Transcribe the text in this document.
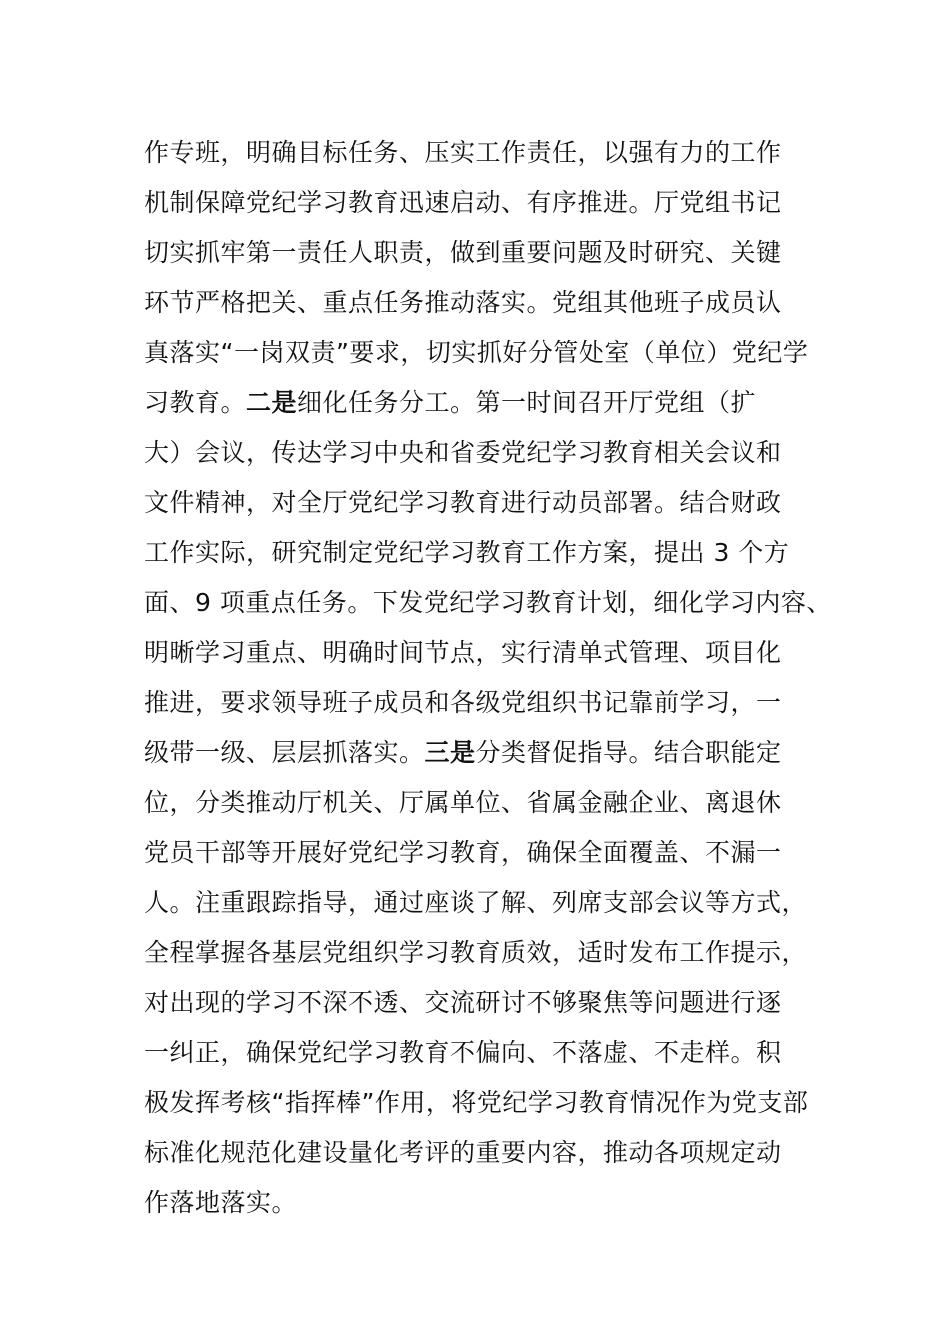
作专班，明确目标任务、压实工作责任，以强有力的工作
机制保障党纪学习教育迅速启动、有序推进。厅党组书记
切实抓牢第一责任人职责，做到重要问题及时研究、关键
环节严格把关、重点任务推动落实。党组其他班子成员认
真落实“一岗双责”要求，切实抓好分管处室（单位）党纪学
习教育。二是细化任务分工。第一时间召开厅党组（扩
大）会议，传达学习中央和省委党纪学习教育相关会议和
文件精神，对全厅党纪学习教育进行动员部署。结合财政
工作实际，研究制定党纪学习教育工作方案，提出 3 个方
面、9 项重点任务。下发党纪学习教育计划，细化学习内容、
明晰学习重点、明确时间节点，实行清单式管理、项目化
推进，要求领导班子成员和各级党组织书记靠前学习，一
级带一级、层层抓落实。三是分类督促指导。结合职能定
位，分类推动厅机关、厅属单位、省属金融企业、离退休
党员干部等开展好党纪学习教育，确保全面覆盖、不漏一
人。注重跟踪指导，通过座谈了解、列席支部会议等方式，
全程掌握各基层党组织学习教育质效，适时发布工作提示，
对出现的学习不深不透、交流研讨不够聚焦等问题进行逐
一纠正，确保党纪学习教育不偏向、不落虚、不走样。积
极发挥考核“指挥棒”作用，将党纪学习教育情况作为党支部
标准化规范化建设量化考评的重要内容，推动各项规定动
作落地落实。
